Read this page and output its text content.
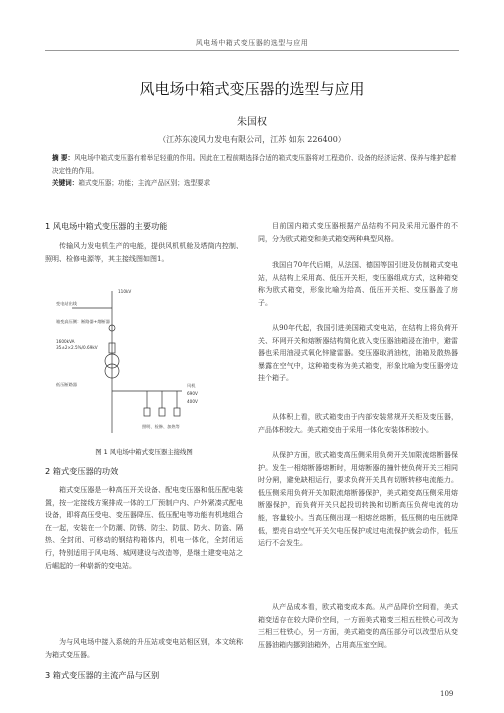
风电场中箱式变压器的选型与应用
风电场中箱式变压器的选型与应用
朱国权
（江苏东凌风力发电有限公司，江苏 如东 226400）
摘 要：风电场中箱式变压器有着举足轻重的作用。因此在工程前期选择合适的箱式变压器将对工程造价、设备的经济运营、保养与维护起着决定性的作用。
关键词：箱式变压器；功能；主流产品区别；选型要求
1 风电场中箱式变压器的主要功能
传输风力发电机生产的电能，提供风机机舱及塔筒内控制、照明、检修电源等，其主接线图如图1。
110kV
变电站出线
箱变高压侧：断路器+熔断器
1600kVA
35±2×2.5%/0.69kV
低压断路器	风机
690V
400V
照明、检修、加热等
图 1 风电场中箱式变压器主接线图
2 箱式变压器的功效
箱式变压器是一种高压开关设备、配电变压器和低压配电装置，按一定接线方案排成一体的工厂预制户内、户外紧凑式配电设备，即将高压受电、变压器降压、低压配电等功能有机地组合在一起，安装在一个防潮、防锈、防尘、防鼠、防火、防盗、隔热、全封闭、可移动的钢结构箱体内，机电一体化，全封闭运行，特别适用于风电场、城网建设与改造等，是继土建变电站之后崛起的一种崭新的变电站。
为与风电场中接入系统的升压站或变电站相区别，本文统称为箱式变压器。
3 箱式变压器的主流产品与区别
目前国内箱式变压器根据产品结构不同及采用元器件的不同，分为欧式箱变和美式箱变两种典型风格。
我国自70年代后期，从法国、德国等国引进及仿制箱式变电站，从结构上采用高、低压开关柜，变压器组成方式，这种箱变称为欧式箱变，形象比喻为给高、低压开关柜、变压器盖了房子。
从90年代起，我国引进美国箱式变电站，在结构上将负荷开关、环网开关和熔断器结构简化放入变压器油箱浸在油中，避雷器也采用油浸式氧化锌避雷器。变压器取消油枕，油箱及散热器暴露在空气中，这种箱变称为美式箱变，形象比喻为变压器旁边挂个箱子。
从体积上看，欧式箱变由于内部安装常规开关柜及变压器，产品体积较大。美式箱变由于采用一体化安装体积较小。
从保护方面，欧式箱变高压侧采用负荷开关加限流熔断器保护。发生一相熔断器熔断时，用熔断器的撞针使负荷开关三相同时分闸，避免缺相运行，要求负荷开关具有切断转移电流能力。低压侧采用负荷开关加限流熔断器保护，美式箱变高压侧采用熔断器保护，而负荷开关只起投切转换和切断高压负荷电流的功能，容量较小。当高压侧出现一相熔丝熔断，低压侧的电压就降低，塑壳自动空气开关欠电压保护或过电流保护就会动作，低压运行不会发生。
从产品成本看，欧式箱变成本高。从产品降价空间看，美式箱变适存在较大降价空间，一方面美式箱变三相五柱铁心可改为三相三柱铁心，另一方面，美式箱变的高压部分可以改型后从变压器油箱内挪到油箱外，占用高压室空间。
109
